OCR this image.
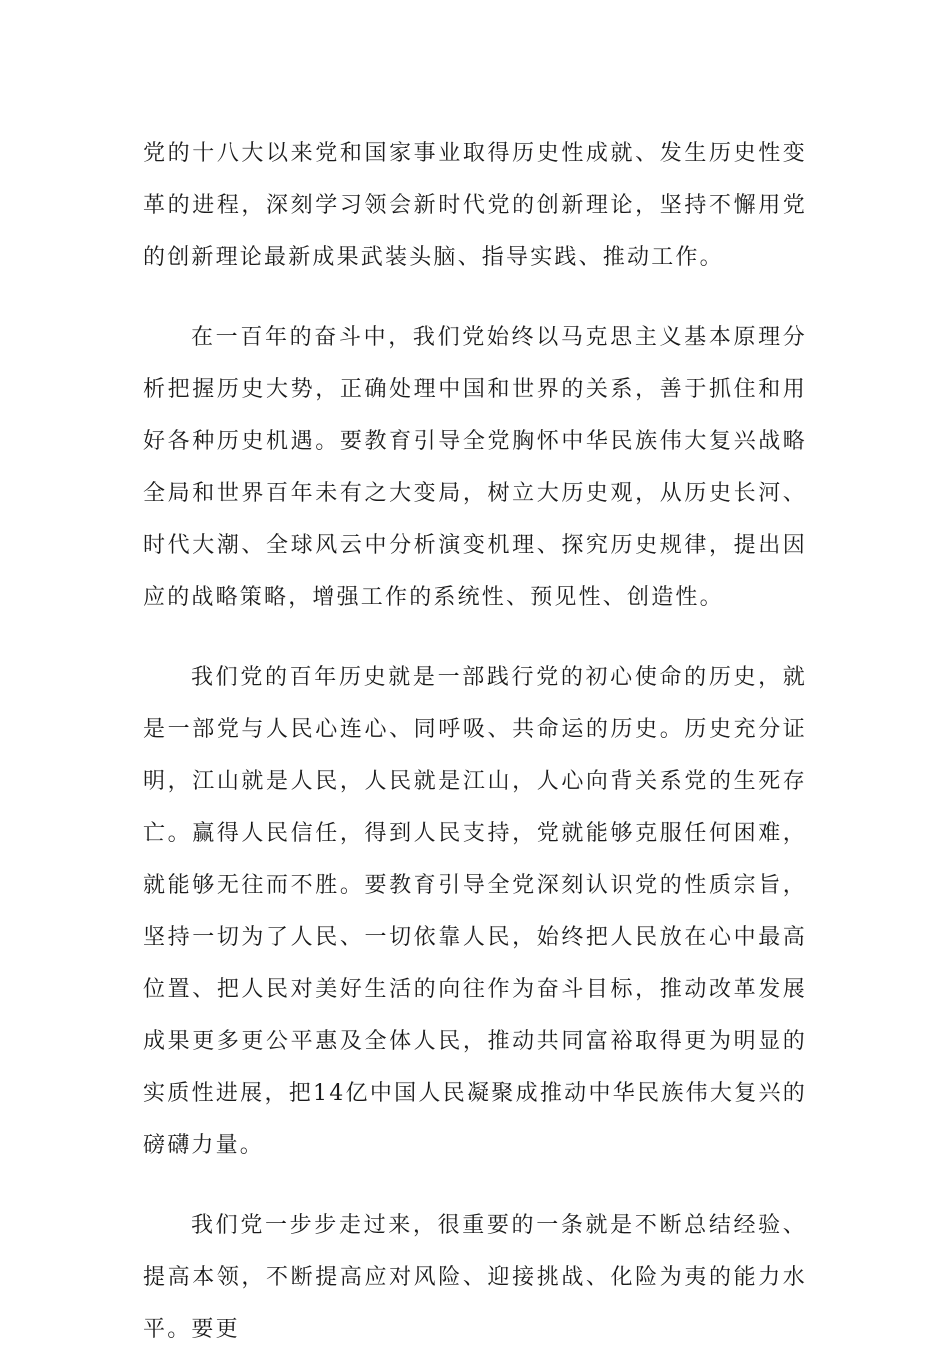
党的十八大以来党和国家事业取得历史性成就、发生历史性变革的进程，深刻学习领会新时代党的创新理论，坚持不懈用党的创新理论最新成果武装头脑、指导实践、推动工作。

在一百年的奋斗中，我们党始终以马克思主义基本原理分析把握历史大势，正确处理中国和世界的关系，善于抓住和用好各种历史机遇。要教育引导全党胸怀中华民族伟大复兴战略全局和世界百年未有之大变局，树立大历史观，从历史长河、时代大潮、全球风云中分析演变机理、探究历史规律，提出因应的战略策略，增强工作的系统性、预见性、创造性。

我们党的百年历史就是一部践行党的初心使命的历史，就是一部党与人民心连心、同呼吸、共命运的历史。历史充分证明，江山就是人民，人民就是江山，人心向背关系党的生死存亡。赢得人民信任，得到人民支持，党就能够克服任何困难，就能够无往而不胜。要教育引导全党深刻认识党的性质宗旨，坚持一切为了人民、一切依靠人民，始终把人民放在心中最高位置、把人民对美好生活的向往作为奋斗目标，推动改革发展成果更多更公平惠及全体人民，推动共同富裕取得更为明显的实质性进展，把14亿中国人民凝聚成推动中华民族伟大复兴的磅礴力量。

我们党一步步走过来，很重要的一条就是不断总结经验、提高本领，不断提高应对风险、迎接挑战、化险为夷的能力水平。要更
